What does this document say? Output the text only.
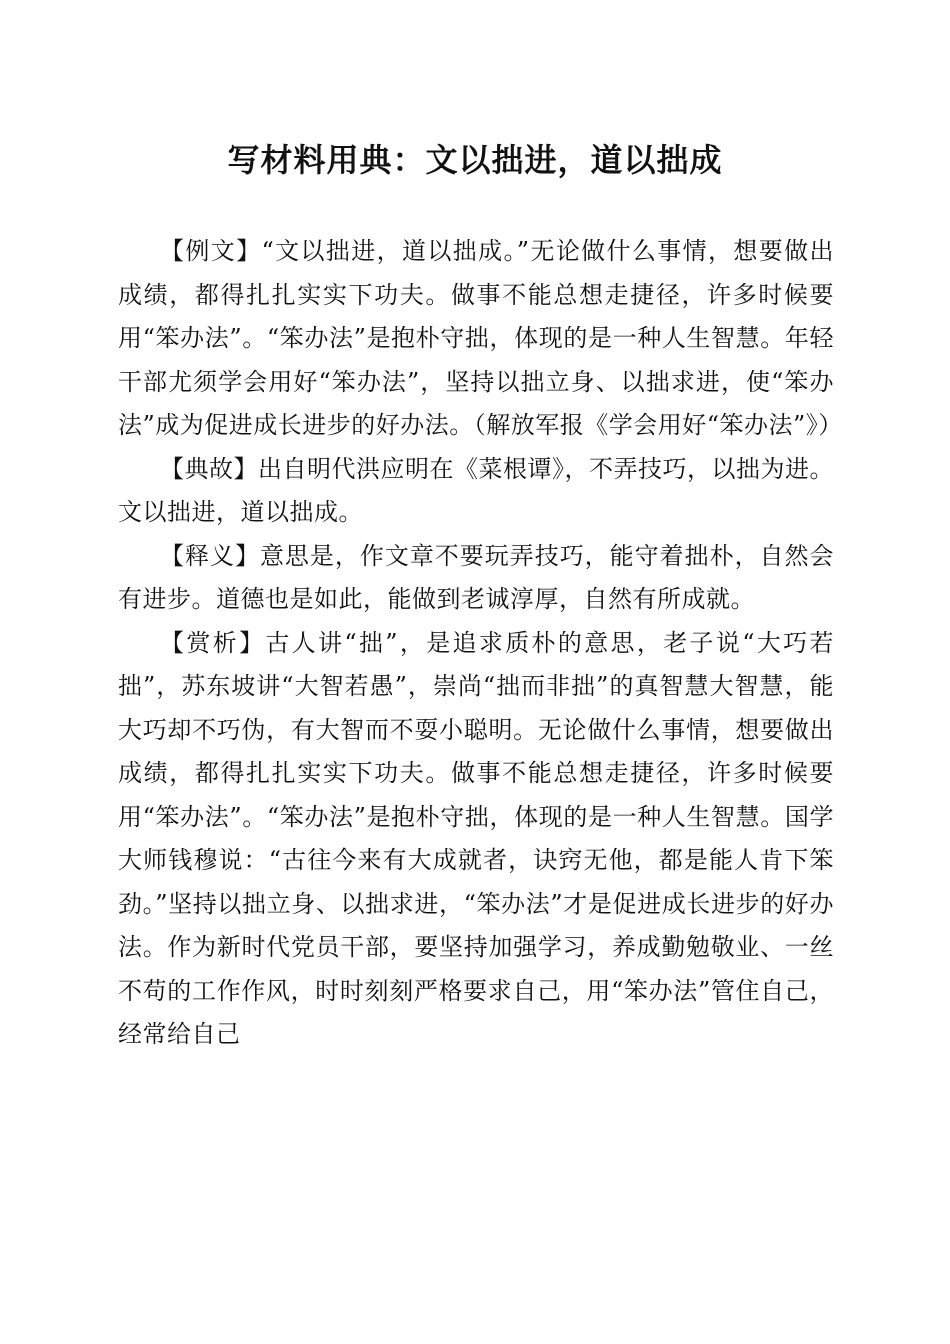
写材料用典：文以拙进，道以拙成

【例文】“文以拙进，道以拙成。”无论做什么事情，想要做出成绩，都得扎扎实实下功夫。做事不能总想走捷径，许多时候要用“笨办法”。“笨办法”是抱朴守拙，体现的是一种人生智慧。年轻干部尤须学会用好“笨办法”，坚持以拙立身、以拙求进，使“笨办法”成为促进成长进步的好办法。（解放军报《学会用好“笨办法”》）

【典故】出自明代洪应明在《菜根谭》，不弄技巧，以拙为进。文以拙进，道以拙成。

【释义】意思是，作文章不要玩弄技巧，能守着拙朴，自然会有进步。道德也是如此，能做到老诚淳厚，自然有所成就。

【赏析】古人讲“拙”，是追求质朴的意思，老子说“大巧若拙”，苏东坡讲“大智若愚”，崇尚“拙而非拙”的真智慧大智慧，能大巧却不巧伪，有大智而不耍小聪明。无论做什么事情，想要做出成绩，都得扎扎实实下功夫。做事不能总想走捷径，许多时候要用“笨办法”。“笨办法”是抱朴守拙，体现的是一种人生智慧。国学大师钱穆说：“古往今来有大成就者，诀窍无他，都是能人肯下笨劲。”坚持以拙立身、以拙求进，“笨办法”才是促进成长进步的好办法。作为新时代党员干部，要坚持加强学习，养成勤勉敬业、一丝不苟的工作作风，时时刻刻严格要求自己，用“笨办法”管住自己，经常给自己
